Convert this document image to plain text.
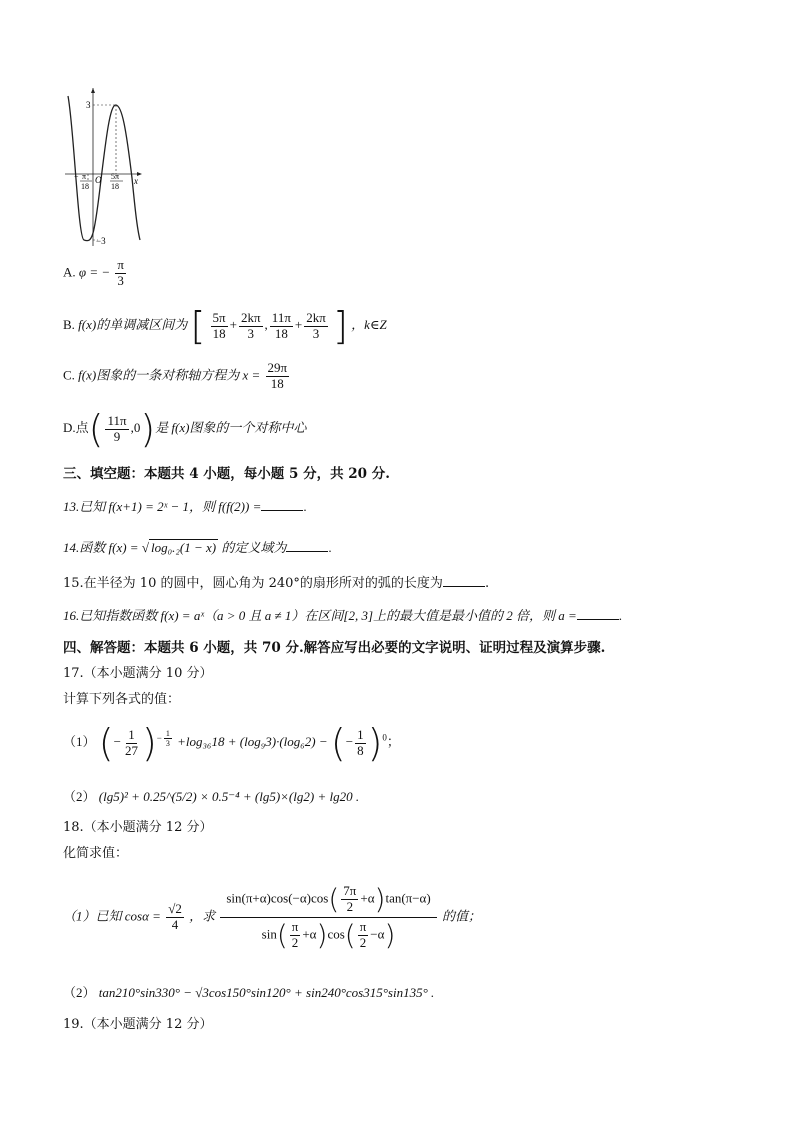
3
−3
O	x
− π
18
5π
18
A. φ = − $\frac{\pi}{3}$
B. f(x)的单调减区间为 [ $\frac{5\pi}{18} + \frac{2k\pi}{3}$ , $\frac{11\pi}{18} + \frac{2k\pi}{3}$ ] ，k∈Z
C. f(x)图象的一条对称轴方程为 $x = \frac{29\pi}{18}$
D.点( $\frac{11\pi}{9} ,0$)是 f(x)图象的一个对称中心
三、填空题：本题共 4 小题，每小题 5 分，共 20 分.
13.已知 f(x+1) = 2ˣ − 1，则 f(f(2)) =	.
14.函数 f(x) = √ log₀.₂(1 − x) 的定义域为	.
15.在半径为 10 的圆中，圆心角为 240°的扇形所对的弧的长度为	.
16.已知指数函数 f(x) = aˣ（a > 0 且 a ≠ 1）在区间[2, 3]上的最大值是最小值的 2 倍，则 a =	.
四、解答题：本题共 6 小题，共 70 分.解答应写出必要的文字说明、证明过程及演算步骤.
17.（本小题满分 10 分）
计算下列各式的值：
（1） (− $\frac{1}{27} )^{- \frac{1}{3}} +\log_{36}18 + (\log_93)\cdot(\log_62)$ − (− $\frac{1}{8} )^0$；
（2） (lg5)² + 0.25^(5/2) × 0.5⁻⁴ + (lg5)×(lg2) + lg20 .
18.（本小题满分 12 分）
化简求值：
（1）已知 $\cos\alpha = \frac{√2}{4}$ ，求 $\frac{\sin(\pi+\alpha)\cos(-\alpha)\cos( \frac{7\pi}{2} +\alpha)\tan(\pi-\alpha)}{\sin( \frac{\pi}{2} +\alpha)\cos( \frac{\pi}{2} -\alpha)}$ 的值；
（2） tan210°sin330° − √3cos150°sin120° + sin240°cos315°sin135° .
19.（本小题满分 12 分）
